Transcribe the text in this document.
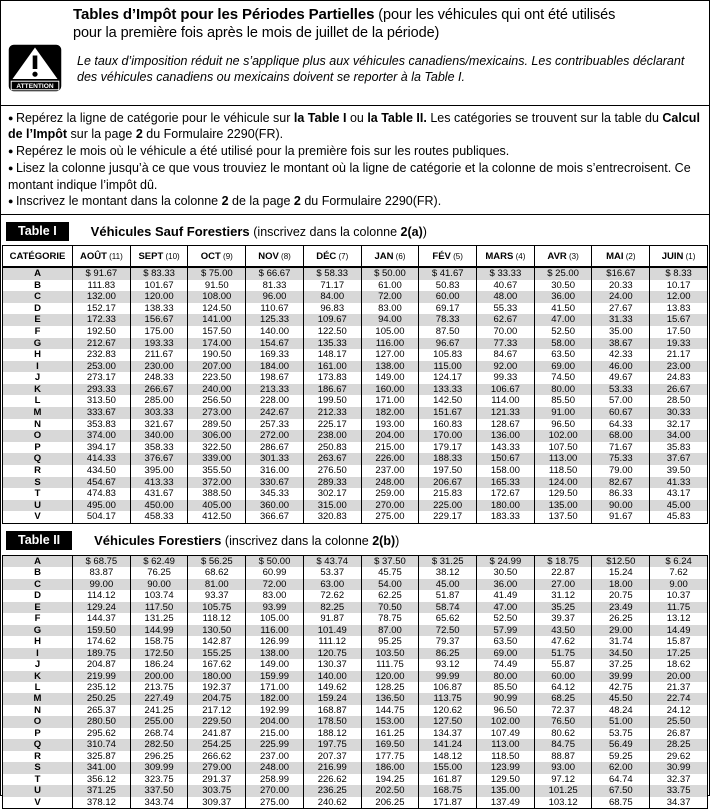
Tables d’Impôt pour les Périodes Partielles (pour les véhicules qui ont été utilisés pour la première fois après le mois de juillet de la période)
ATTENTION
Le taux d’imposition réduit ne s’applique plus aux véhicules canadiens/mexicains. Les contribuables déclarant des véhicules canadiens ou mexicains doivent se reporter à la Table I.
● Repérez la ligne de catégorie pour le véhicule sur la Table I ou la Table II. Les catégories se trouvent sur la table du Calcul de l’Impôt sur la page 2 du Formulaire 2290(FR).
● Repérez le mois où le véhicule a été utilisé pour la première fois sur les routes publiques.
● Lisez la colonne jusqu’à ce que vous trouviez le montant où la ligne de catégorie et la colonne de mois s’entrecroisent. Ce montant indique l’impôt dû.
● Inscrivez le montant dans la colonne 2 de la page 2 du Formulaire 2290(FR).
Table I	Véhicules Sauf Forestiers (inscrivez dans la colonne 2(a))
CATÉGORIE	AOÛT (11)	SEPT (10)	OCT (9)	NOV (8)	DÉC (7)	JAN (6)	FÉV (5)	MARS (4)	AVR (3)	MAI (2)	JUIN (1)
A	$ 91.67	$ 83.33	$ 75.00	$ 66.67	$ 58.33	$ 50.00	$ 41.67	$ 33.33	$ 25.00	$16.67	$ 8.33
B	111.83	101.67	91.50	81.33	71.17	61.00	50.83	40.67	30.50	20.33	10.17
C	132.00	120.00	108.00	96.00	84.00	72.00	60.00	48.00	36.00	24.00	12.00
D	152.17	138.33	124.50	110.67	96.83	83.00	69.17	55.33	41.50	27.67	13.83
E	172.33	156.67	141.00	125.33	109.67	94.00	78.33	62.67	47.00	31.33	15.67
F	192.50	175.00	157.50	140.00	122.50	105.00	87.50	70.00	52.50	35.00	17.50
G	212.67	193.33	174.00	154.67	135.33	116.00	96.67	77.33	58.00	38.67	19.33
H	232.83	211.67	190.50	169.33	148.17	127.00	105.83	84.67	63.50	42.33	21.17
I	253.00	230.00	207.00	184.00	161.00	138.00	115.00	92.00	69.00	46.00	23.00
J	273.17	248.33	223.50	198.67	173.83	149.00	124.17	99.33	74.50	49.67	24.83
K	293.33	266.67	240.00	213.33	186.67	160.00	133.33	106.67	80.00	53.33	26.67
L	313.50	285.00	256.50	228.00	199.50	171.00	142.50	114.00	85.50	57.00	28.50
M	333.67	303.33	273.00	242.67	212.33	182.00	151.67	121.33	91.00	60.67	30.33
N	353.83	321.67	289.50	257.33	225.17	193.00	160.83	128.67	96.50	64.33	32.17
O	374.00	340.00	306.00	272.00	238.00	204.00	170.00	136.00	102.00	68.00	34.00
P	394.17	358.33	322.50	286.67	250.83	215.00	179.17	143.33	107.50	71.67	35.83
Q	414.33	376.67	339.00	301.33	263.67	226.00	188.33	150.67	113.00	75.33	37.67
R	434.50	395.00	355.50	316.00	276.50	237.00	197.50	158.00	118.50	79.00	39.50
S	454.67	413.33	372.00	330.67	289.33	248.00	206.67	165.33	124.00	82.67	41.33
T	474.83	431.67	388.50	345.33	302.17	259.00	215.83	172.67	129.50	86.33	43.17
U	495.00	450.00	405.00	360.00	315.00	270.00	225.00	180.00	135.00	90.00	45.00
V	504.17	458.33	412.50	366.67	320.83	275.00	229.17	183.33	137.50	91.67	45.83
Table II	Véhicules Forestiers (inscrivez dans la colonne 2(b))
A	$ 68.75	$ 62.49	$ 56.25	$ 50.00	$ 43.74	$ 37.50	$ 31.25	$ 24.99	$ 18.75	$12.50	$ 6.24
B	83.87	76.25	68.62	60.99	53.37	45.75	38.12	30.50	22.87	15.24	7.62
C	99.00	90.00	81.00	72.00	63.00	54.00	45.00	36.00	27.00	18.00	9.00
D	114.12	103.74	93.37	83.00	72.62	62.25	51.87	41.49	31.12	20.75	10.37
E	129.24	117.50	105.75	93.99	82.25	70.50	58.74	47.00	35.25	23.49	11.75
F	144.37	131.25	118.12	105.00	91.87	78.75	65.62	52.50	39.37	26.25	13.12
G	159.50	144.99	130.50	116.00	101.49	87.00	72.50	57.99	43.50	29.00	14.49
H	174.62	158.75	142.87	126.99	111.12	95.25	79.37	63.50	47.62	31.74	15.87
I	189.75	172.50	155.25	138.00	120.75	103.50	86.25	69.00	51.75	34.50	17.25
J	204.87	186.24	167.62	149.00	130.37	111.75	93.12	74.49	55.87	37.25	18.62
K	219.99	200.00	180.00	159.99	140.00	120.00	99.99	80.00	60.00	39.99	20.00
L	235.12	213.75	192.37	171.00	149.62	128.25	106.87	85.50	64.12	42.75	21.37
M	250.25	227.49	204.75	182.00	159.24	136.50	113.75	90.99	68.25	45.50	22.74
N	265.37	241.25	217.12	192.99	168.87	144.75	120.62	96.50	72.37	48.24	24.12
O	280.50	255.00	229.50	204.00	178.50	153.00	127.50	102.00	76.50	51.00	25.50
P	295.62	268.74	241.87	215.00	188.12	161.25	134.37	107.49	80.62	53.75	26.87
Q	310.74	282.50	254.25	225.99	197.75	169.50	141.24	113.00	84.75	56.49	28.25
R	325.87	296.25	266.62	237.00	207.37	177.75	148.12	118.50	88.87	59.25	29.62
S	341.00	309.99	279.00	248.00	216.99	186.00	155.00	123.99	93.00	62.00	30.99
T	356.12	323.75	291.37	258.99	226.62	194.25	161.87	129.50	97.12	64.74	32.37
U	371.25	337.50	303.75	270.00	236.25	202.50	168.75	135.00	101.25	67.50	33.75
V	378.12	343.74	309.37	275.00	240.62	206.25	171.87	137.49	103.12	68.75	34.37
